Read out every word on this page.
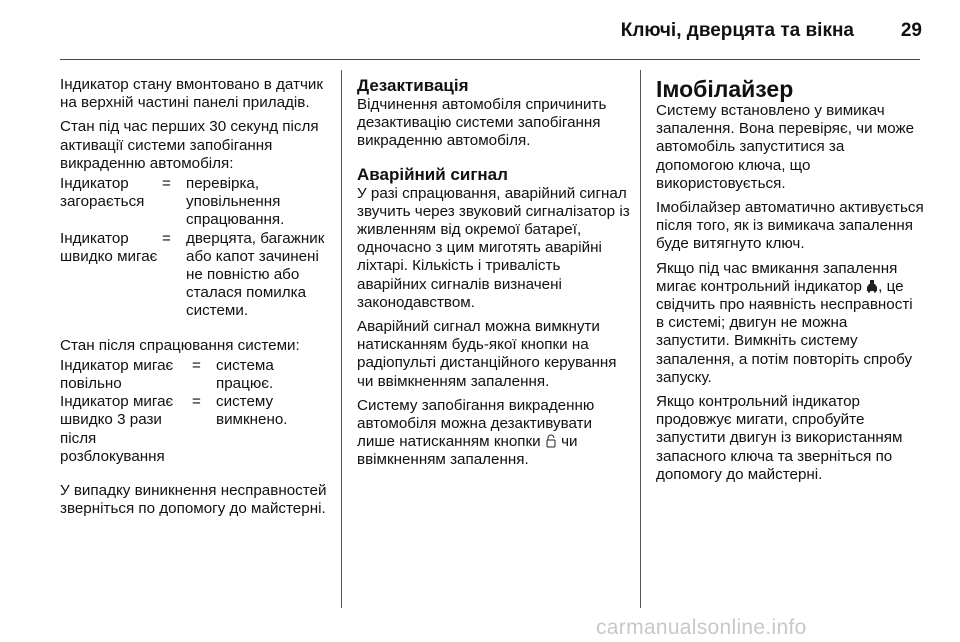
Ключі, дверцята та вікна 29

Індикатор стану вмонтовано в датчик на верхній частині панелі приладів.

Стан під час перших 30 секунд після активації системи запобігання викраденню автомобіля:

Індикатор загорається
= перевірка, уповільнення спрацювання.
Індикатор швидко мигає
= дверцята, багажник або капот зачинені не повністю або сталася помилка системи.

Стан після спрацювання системи:

Індикатор мигає повільно
= система працює.
Індикатор мигає швидко 3 рази після розблокування
= систему вимкнено.

У випадку виникнення несправностей зверніться по допомогу до майстерні.

Дезактивація

Відчинення автомобіля спричинить дезактивацію системи запобігання викраденню автомобіля.

Аварійний сигнал

У разі спрацювання, аварійний сигнал звучить через звуковий сигналізатор із живленням від окремої батареї, одночасно з цим миготять аварійні ліхтарі. Кількість і тривалість аварійних сигналів визначені законодавством.

Аварійний сигнал можна вимкнути натисканням будь-якої кнопки на радіопульті дистанційного керування чи ввімкненням запалення.

Систему запобігання викраденню автомобіля можна дезактивувати лише натисканням кнопки чи ввімкненням запалення.

Імобілайзер

Систему встановлено у вимикач запалення. Вона перевіряє, чи може автомобіль запуститися за допомогою ключа, що використовується.

Імобілайзер автоматично активується після того, як із вимикача запалення буде витягнуто ключ.

Якщо під час вмикання запалення мигає контрольний індикатор , це свідчить про наявність несправності в системі; двигун не можна запустити. Вимкніть систему запалення, а потім повторіть спробу запуску.

Якщо контрольний індикатор продовжує мигати, спробуйте запустити двигун із використанням запасного ключа та зверніться по допомогу до майстерні.

carmanualsonline.info
